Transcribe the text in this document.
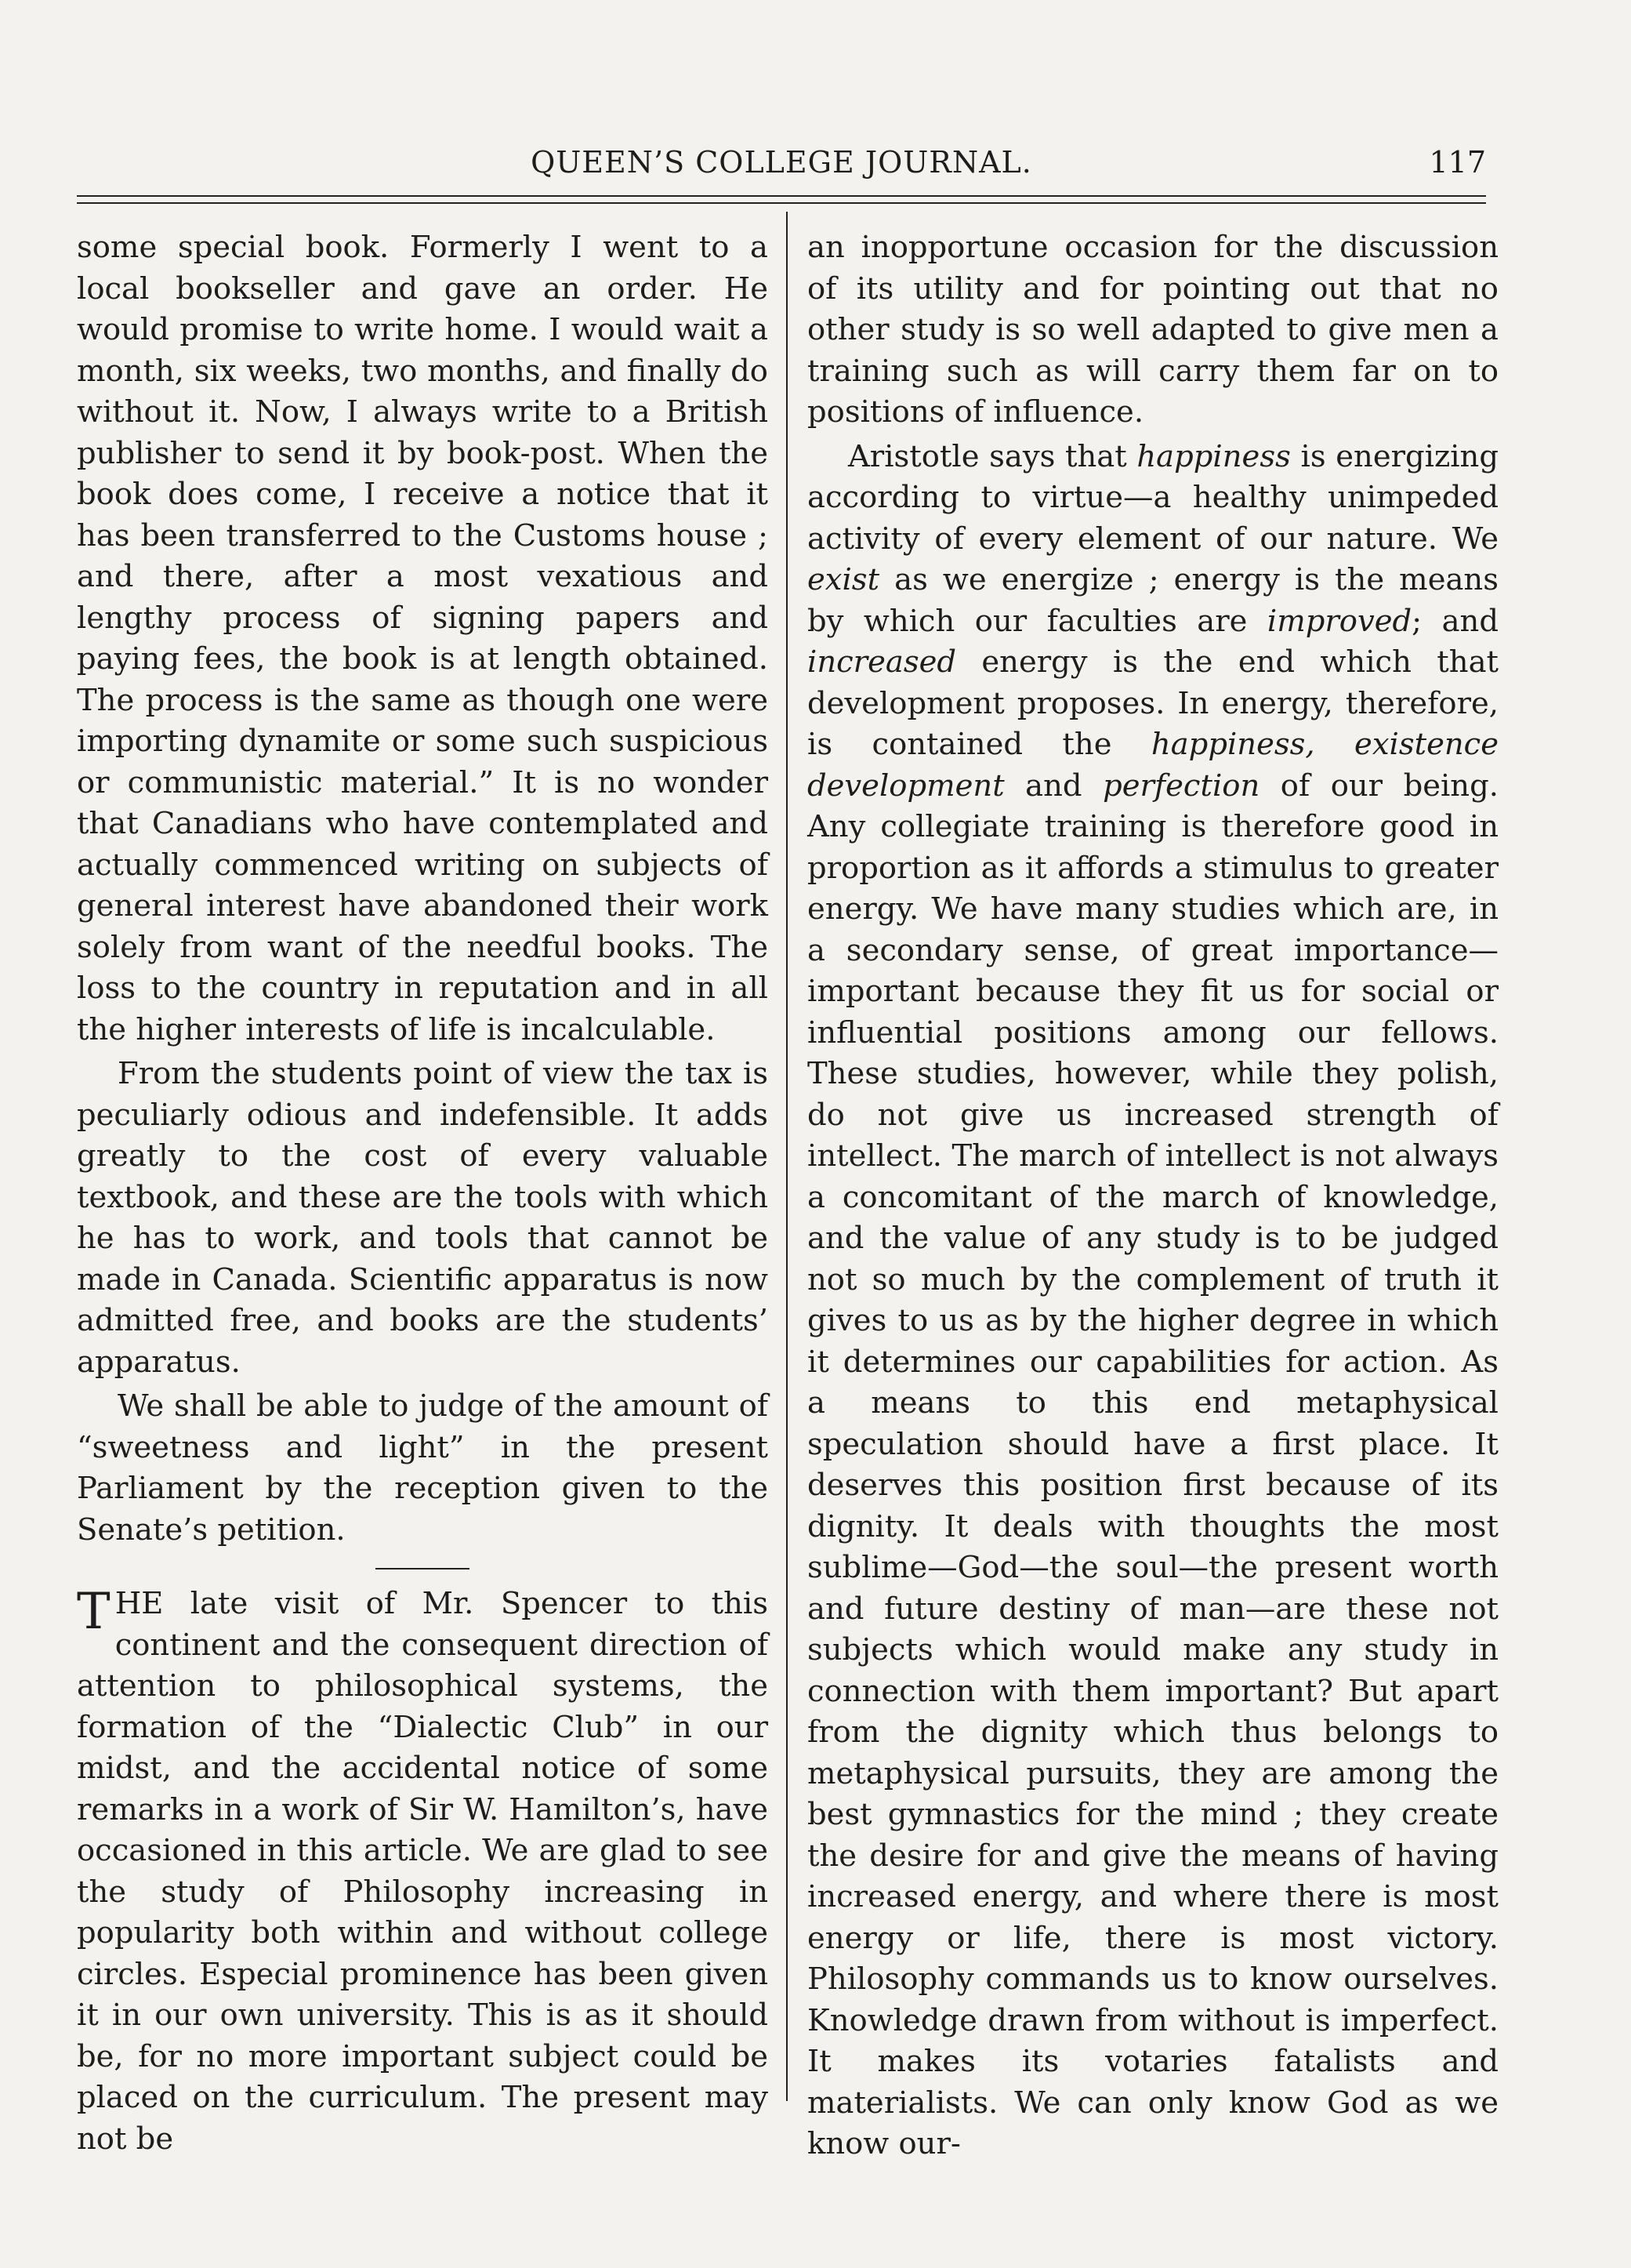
QUEEN’S COLLEGE JOURNAL.	117

some special book. Formerly I went to a local bookseller and gave an order. He would promise to write home. I would wait a month, six weeks, two months, and finally do without it. Now, I always write to a British publisher to send it by book-post. When the book does come, I receive a notice that it has been transferred to the Customs house ; and there, after a most vexatious and lengthy process of signing papers and paying fees, the book is at length obtained. The process is the same as though one were importing dynamite or some such suspicious or communistic material.” It is no wonder that Canadians who have contemplated and actually commenced writing on subjects of general interest have abandoned their work solely from want of the needful books. The loss to the country in reputation and in all the higher interests of life is incalculable.

From the students point of view the tax is peculiarly odious and indefensible. It adds greatly to the cost of every valuable textbook, and these are the tools with which he has to work, and tools that cannot be made in Canada. Scientific apparatus is now admitted free, and books are the students’ apparatus.

We shall be able to judge of the amount of “sweetness and light” in the present Parliament by the reception given to the Senate’s petition.

THE late visit of Mr. Spencer to this continent and the consequent direction of attention to philosophical systems, the formation of the “Dialectic Club” in our midst, and the accidental notice of some remarks in a work of Sir W. Hamilton’s, have occasioned in this article. We are glad to see the study of Philosophy increasing in popularity both within and without college circles. Especial prominence has been given it in our own university. This is as it should be, for no more important subject could be placed on the curriculum. The present may not be

an inopportune occasion for the discussion of its utility and for pointing out that no other study is so well adapted to give men a training such as will carry them far on to positions of influence.

Aristotle says that happiness is energizing according to virtue—a healthy unimpeded activity of every element of our nature. We exist as we energize ; energy is the means by which our faculties are improved; and increased energy is the end which that development proposes. In energy, therefore, is contained the happiness, existence development and perfection of our being. Any collegiate training is therefore good in proportion as it affords a stimulus to greater energy. We have many studies which are, in a secondary sense, of great importance—important because they fit us for social or influential positions among our fellows. These studies, however, while they polish, do not give us increased strength of intellect. The march of intellect is not always a concomitant of the march of knowledge, and the value of any study is to be judged not so much by the complement of truth it gives to us as by the higher degree in which it determines our capabilities for action. As a means to this end metaphysical speculation should have a first place. It deserves this position first because of its dignity. It deals with thoughts the most sublime—God—the soul—the present worth and future destiny of man—are these not subjects which would make any study in connection with them important? But apart from the dignity which thus belongs to metaphysical pursuits, they are among the best gymnastics for the mind ; they create the desire for and give the means of having increased energy, and where there is most energy or life, there is most victory. Philosophy commands us to know ourselves. Knowledge drawn from without is imperfect. It makes its votaries fatalists and materialists. We can only know God as we know our-
